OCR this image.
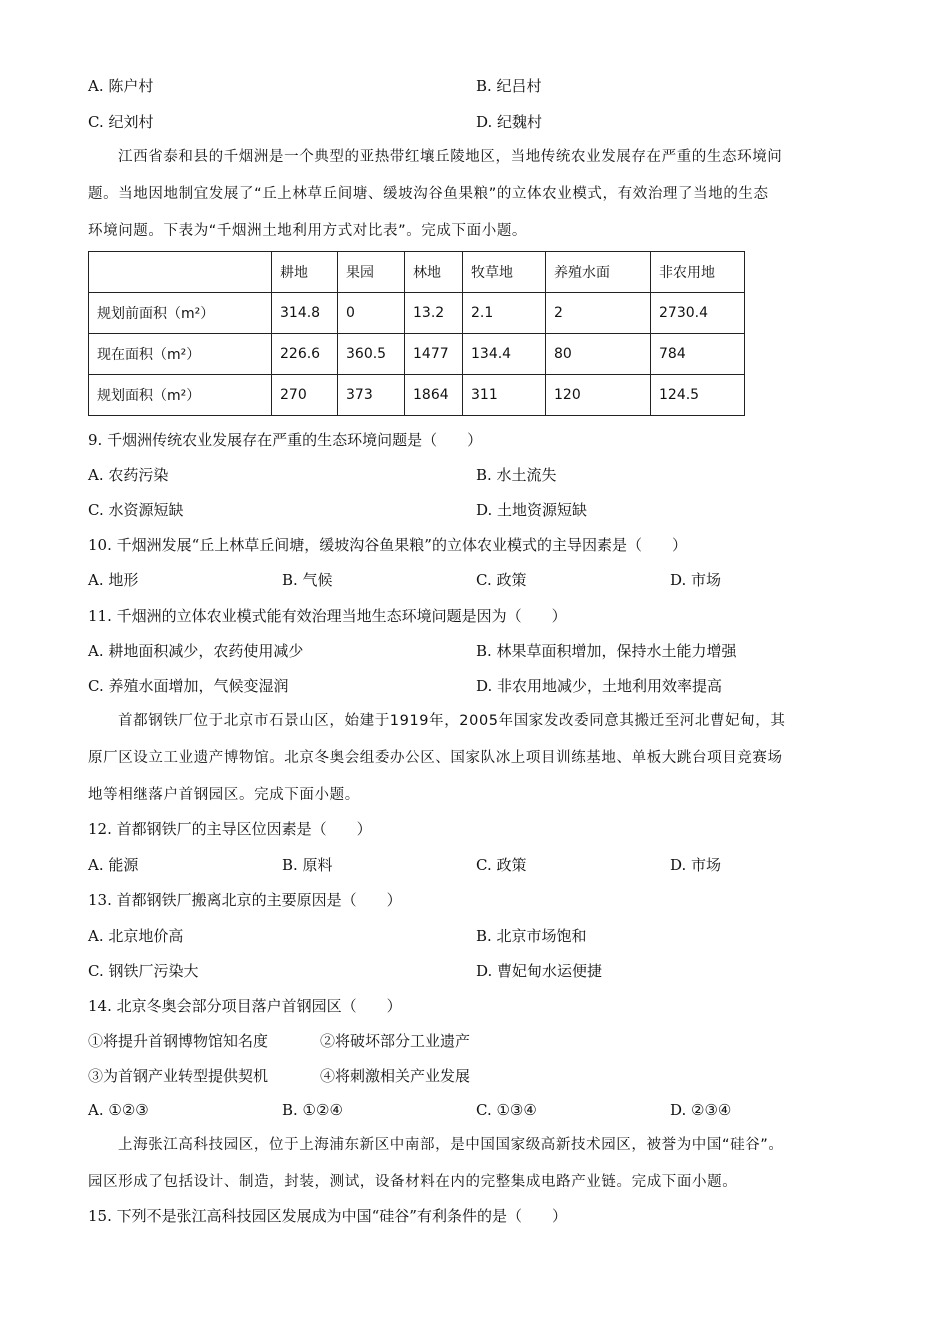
A. 陈户村	B. 纪吕村
C. 纪刘村	D. 纪魏村
江西省泰和县的千烟洲是一个典型的亚热带红壤丘陵地区，当地传统农业发展存在严重的生态环境问
题。当地因地制宜发展了“丘上林草丘间塘、缓坡沟谷鱼果粮”的立体农业模式，有效治理了当地的生态
环境问题。下表为“千烟洲土地利用方式对比表”。完成下面小题。
	耕地	果园	林地	牧草地	养殖水面	非农用地
规划前面积（m²）	314.8	0	13.2	2.1	2	2730.4
现在面积（m²）	226.6	360.5	1477	134.4	80	784
规划面积（m²）	270	373	1864	311	120	124.5
9. 千烟洲传统农业发展存在严重的生态环境问题是（　　）
A. 农药污染	B. 水土流失
C. 水资源短缺	D. 土地资源短缺
10. 千烟洲发展“丘上林草丘间塘，缓坡沟谷鱼果粮”的立体农业模式的主导因素是（　　）
A. 地形	B. 气候	C. 政策	D. 市场
11. 千烟洲的立体农业模式能有效治理当地生态环境问题是因为（　　）
A. 耕地面积减少，农药使用减少	B. 林果草面积增加，保持水土能力增强
C. 养殖水面增加，气候变湿润	D. 非农用地减少，土地利用效率提高
首都钢铁厂位于北京市石景山区，始建于1919年，2005年国家发改委同意其搬迁至河北曹妃甸，其
原厂区设立工业遗产博物馆。北京冬奥会组委办公区、国家队冰上项目训练基地、单板大跳台项目竞赛场
地等相继落户首钢园区。完成下面小题。
12. 首都钢铁厂的主导区位因素是（　　）
A. 能源	B. 原料	C. 政策	D. 市场
13. 首都钢铁厂搬离北京的主要原因是（　　）
A. 北京地价高	B. 北京市场饱和
C. 钢铁厂污染大	D. 曹妃甸水运便捷
14. 北京冬奥会部分项目落户首钢园区（　　）
①将提升首钢博物馆知名度	②将破坏部分工业遗产
③为首钢产业转型提供契机	④将刺激相关产业发展
A. ①②③	B. ①②④	C. ①③④	D. ②③④
上海张江高科技园区，位于上海浦东新区中南部，是中国国家级高新技术园区，被誉为中国“硅谷”。
园区形成了包括设计、制造，封装，测试，设备材料在内的完整集成电路产业链。完成下面小题。
15. 下列不是张江高科技园区发展成为中国“硅谷”有利条件的是（　　）
